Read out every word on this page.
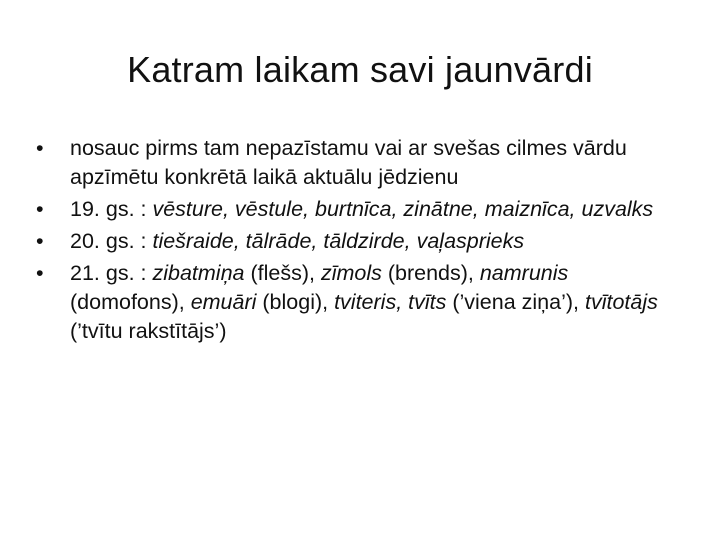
Katram laikam savi jaunvārdi
•	nosauc pirms tam nepazīstamu vai ar svešas cilmes vārdu apzīmētu konkrētā laikā aktuālu jēdzienu
•	19. gs. : vēsture, vēstule, burtnīca, zinātne, maiznīca, uzvalks
•	20. gs. : tiešraide, tālrāde, tāldzirde, vaļasprieks
•	21. gs. : zibatmiņa (flešs), zīmols (brends), namrunis (domofons), emuāri (blogi), tviteris, tvīts (’viena ziņa’), tvītotājs (’tvītu rakstītājs’)
